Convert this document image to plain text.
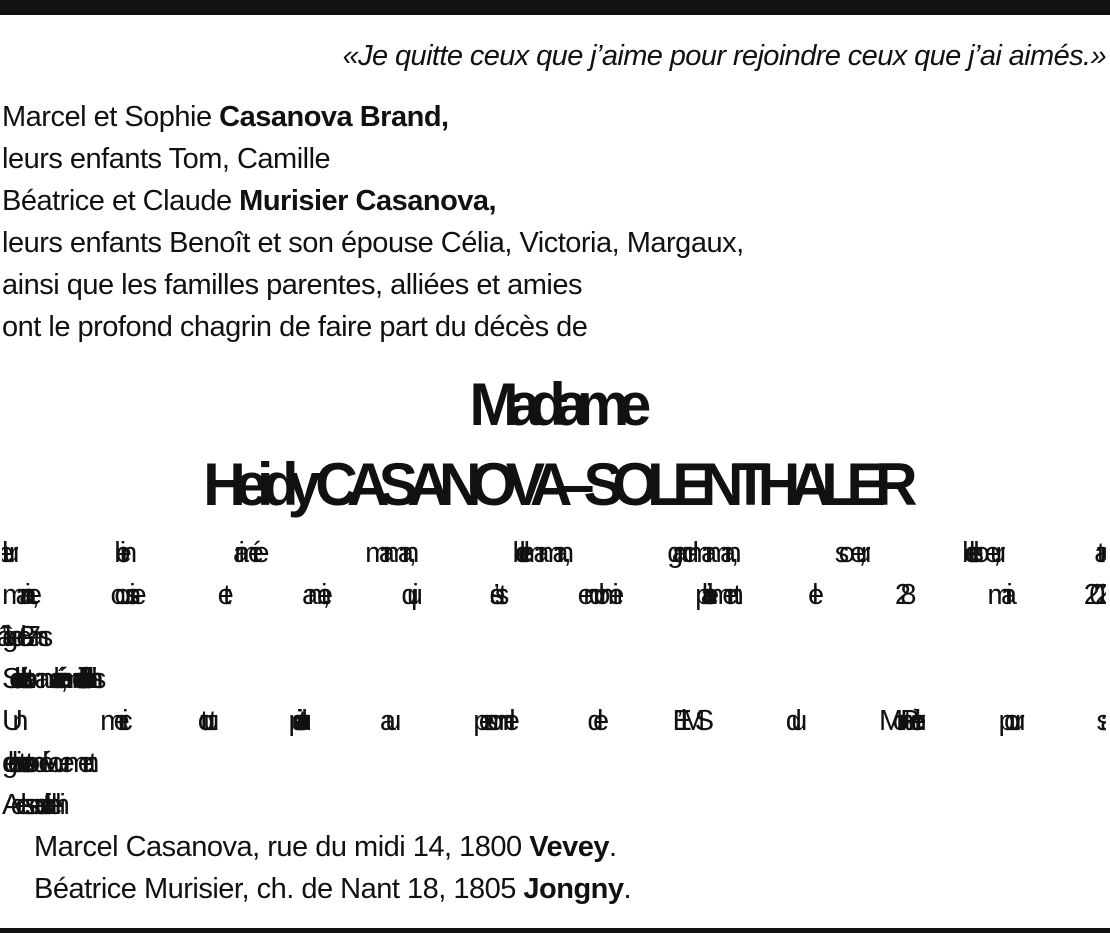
«Je quitte ceux que j’aime pour rejoindre ceux que j’ai aimés.»
Marcel et Sophie Casanova Brand,
leurs enfants Tom, Camille
Béatrice et Claude Murisier Casanova,
leurs enfants Benoît et son épouse Célia, Victoria, Margaux,
ainsi que les familles parentes, alliées et amies
ont le profond chagrin de faire part du décès de
Madame
Heidy CASANOVA–SOLENTHALER
leur bien aimée maman, belle-maman, grand-maman, sœur, belle-sœur, tante,
marraine, cousine et amie, qui s’est endormie paisiblement le 28 mai 2023
à l’âge de 87 ans.
Selon le désir de notre maman, la cérémonie a eu lieu dans l’intimité de la famille.
Un merci tout particulier au personnel de l’EMS du Mont-Pèlerin pour sa
gentillesse et son dévouement.
Adresses de la famille :
Marcel Casanova, rue du midi 14, 1800 Vevey.
Béatrice Murisier, ch. de Nant 18, 1805 Jongny.
